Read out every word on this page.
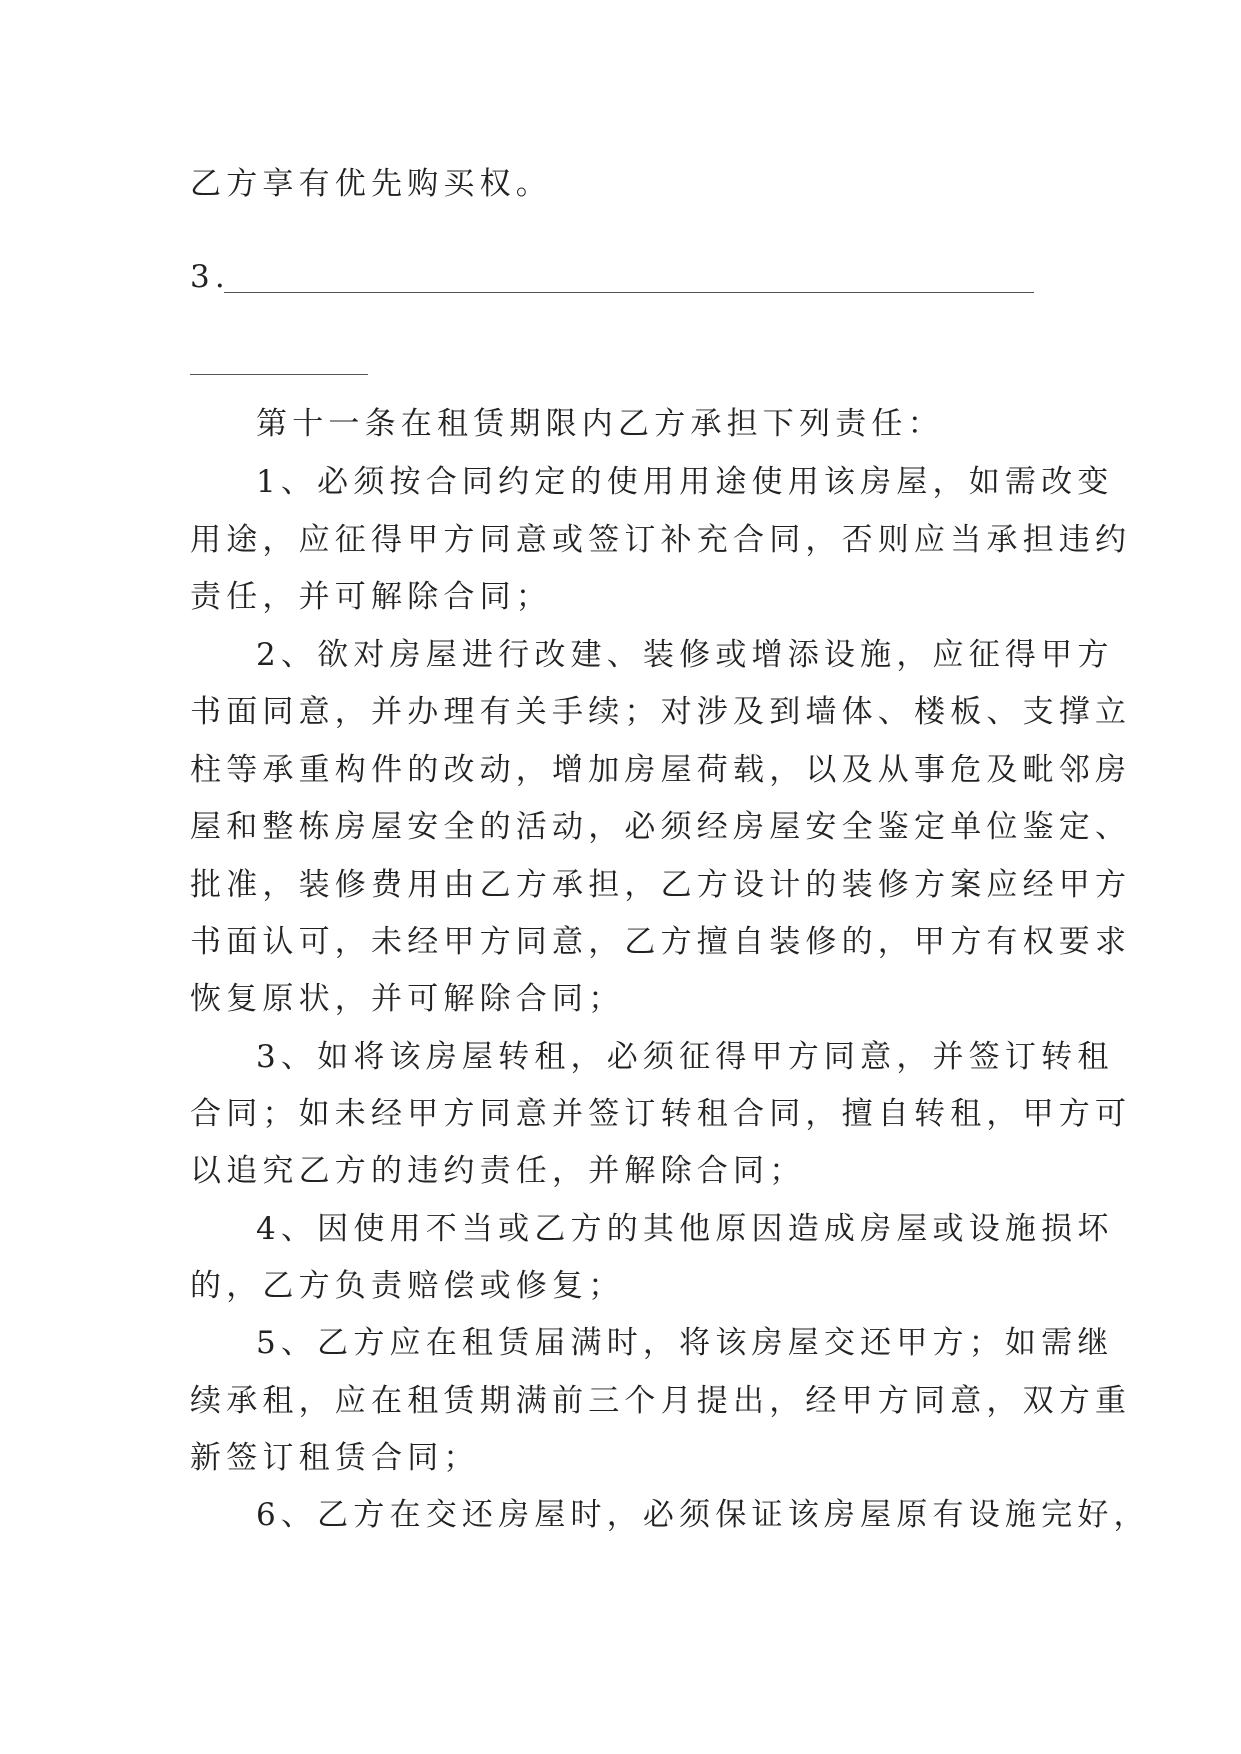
乙方享有优先购买权。
3.
第十一条在租赁期限内乙方承担下列责任：
1、必须按合同约定的使用用途使用该房屋，如需改变
用途，应征得甲方同意或签订补充合同，否则应当承担违约
责任，并可解除合同；
2、欲对房屋进行改建、装修或增添设施，应征得甲方
书面同意，并办理有关手续；对涉及到墙体、楼板、支撑立
柱等承重构件的改动，增加房屋荷载，以及从事危及毗邻房
屋和整栋房屋安全的活动，必须经房屋安全鉴定单位鉴定、
批准，装修费用由乙方承担，乙方设计的装修方案应经甲方
书面认可，未经甲方同意，乙方擅自装修的，甲方有权要求
恢复原状，并可解除合同；
3、如将该房屋转租，必须征得甲方同意，并签订转租
合同；如未经甲方同意并签订转租合同，擅自转租，甲方可
以追究乙方的违约责任，并解除合同；
4、因使用不当或乙方的其他原因造成房屋或设施损坏
的，乙方负责赔偿或修复；
5、乙方应在租赁届满时，将该房屋交还甲方；如需继
续承租，应在租赁期满前三个月提出，经甲方同意，双方重
新签订租赁合同；
6、乙方在交还房屋时，必须保证该房屋原有设施完好，
